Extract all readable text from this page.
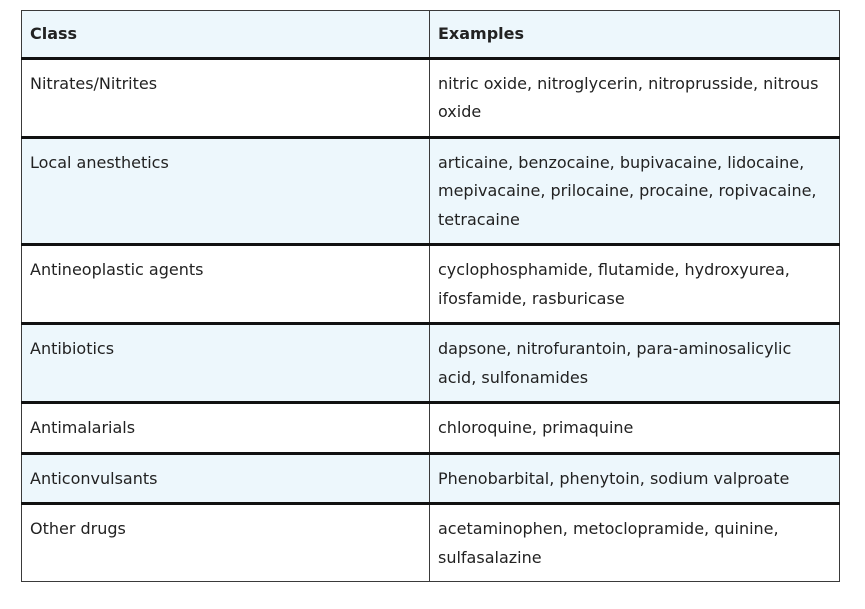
Class	Examples
Nitrates/Nitrites	nitric oxide, nitroglycerin, nitroprusside, nitrous oxide
Local anesthetics	articaine, benzocaine, bupivacaine, lidocaine, mepivacaine, prilocaine, procaine, ropivacaine, tetracaine
Antineoplastic agents	cyclophosphamide, flutamide, hydroxyurea, ifosfamide, rasburicase
Antibiotics	dapsone, nitrofurantoin, para-aminosalicylic acid, sulfonamides
Antimalarials	chloroquine, primaquine
Anticonvulsants	Phenobarbital, phenytoin, sodium valproate
Other drugs	acetaminophen, metoclopramide, quinine, sulfasalazine
